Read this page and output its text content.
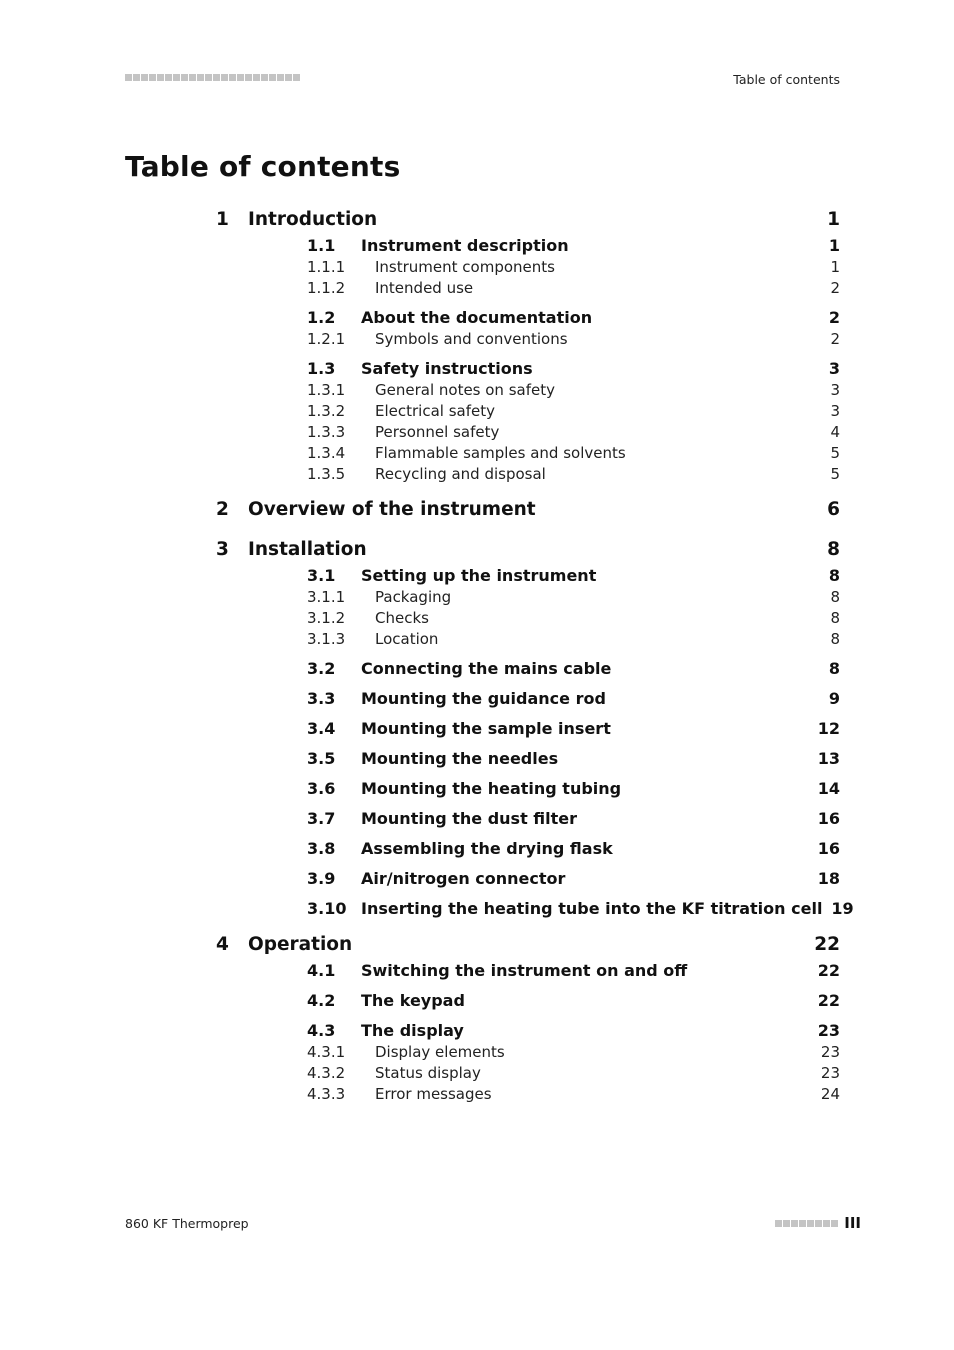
Table of contents
Table of contents
1	Introduction	1
1.1	Instrument description	1
1.1.1	Instrument components	1
1.1.2	Intended use	2
1.2	About the documentation	2
1.2.1	Symbols and conventions	2
1.3	Safety instructions	3
1.3.1	General notes on safety	3
1.3.2	Electrical safety	3
1.3.3	Personnel safety	4
1.3.4	Flammable samples and solvents	5
1.3.5	Recycling and disposal	5
2	Overview of the instrument	6
3	Installation	8
3.1	Setting up the instrument	8
3.1.1	Packaging	8
3.1.2	Checks	8
3.1.3	Location	8
3.2	Connecting the mains cable	8
3.3	Mounting the guidance rod	9
3.4	Mounting the sample insert	12
3.5	Mounting the needles	13
3.6	Mounting the heating tubing	14
3.7	Mounting the dust filter	16
3.8	Assembling the drying flask	16
3.9	Air/nitrogen connector	18
3.10 Inserting the heating tube into the KF titration cell 19
4	Operation	22
4.1	Switching the instrument on and off	22
4.2	The keypad	22
4.3	The display	23
4.3.1	Display elements	23
4.3.2	Status display	23
4.3.3	Error messages	24
860 KF Thermoprep	III
